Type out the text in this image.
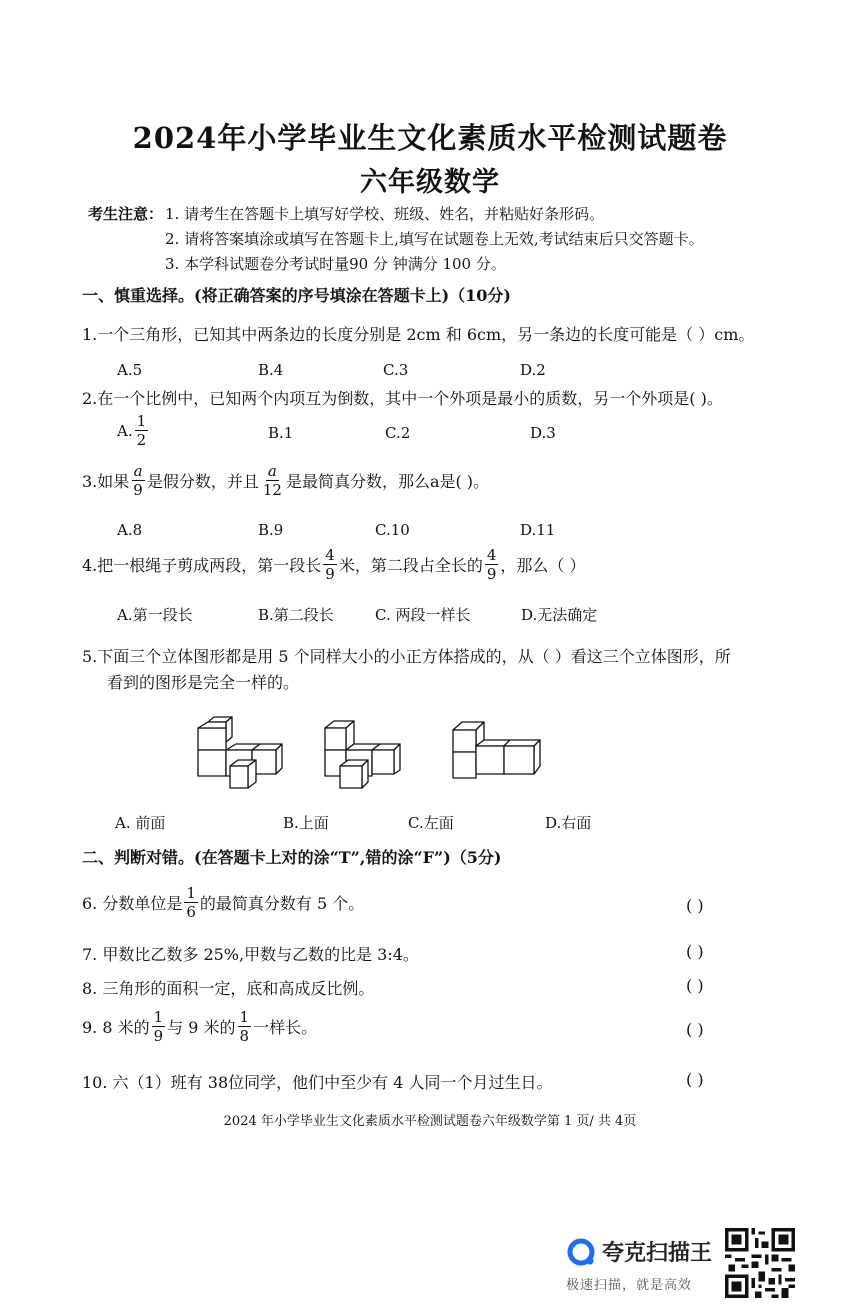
2024年小学毕业生文化素质水平检测试题卷
六年级数学
考生注意： 1. 请考生在答题卡上填写好学校、班级、姓名，并粘贴好条形码。
2. 请将答案填涂或填写在答题卡上,填写在试题卷上无效,考试结束后只交答题卡。
3. 本学科试题卷分考试时量90 分 钟满分 100 分。
一、慎重选择。(将正确答案的序号填涂在答题卡上)（10分)
1.一个三角形，已知其中两条边的长度分别是 2cm 和 6cm，另一条边的长度可能是（ ）cm。
A.5	B.4	C.3	D.2
2.在一个比例中，已知两个内项互为倒数，其中一个外项是最小的质数，另一个外项是( )。
A. $\frac{1}{2}$	B.1	C.2	D.3
3.如果 $\frac{a}{9}$ 是假分数，并且 $\frac{a}{12}$ 是最简真分数，那么a是( )。
A.8	B.9	C.10	D.11
4.把一根绳子剪成两段，第一段长 $\frac{4}{9}$ 米，第二段占全长的 $\frac{4}{9}$ ，那么（ ）
A.第一段长	B.第二段长	C. 两段一样长	D.无法确定
5.下面三个立体图形都是用 5 个同样大小的小正方体搭成的，从（ ）看这三个立体图形，所
看到的图形是完全一样的。
A. 前面	B.上面	C.左面	D.右面
二、判断对错。(在答题卡上对的涂“T”,错的涂“F”)（5分)
6. 分数单位是 $\frac{1}{6}$ 的最简真分数有 5 个。	( )
7. 甲数比乙数多 25%,甲数与乙数的比是 3:4。	( )
8. 三角形的面积一定，底和高成反比例。	( )
9. 8 米的 $\frac{1}{9}$ 与 9 米的 $\frac{1}{8}$ 一样长。	( )
10. 六（1）班有 38位同学，他们中至少有 4 人同一个月过生日。	( )
2024 年小学毕业生文化素质水平检测试题卷六年级数学第 1 页/ 共 4页
夸克扫描王
极速扫描，就是高效
